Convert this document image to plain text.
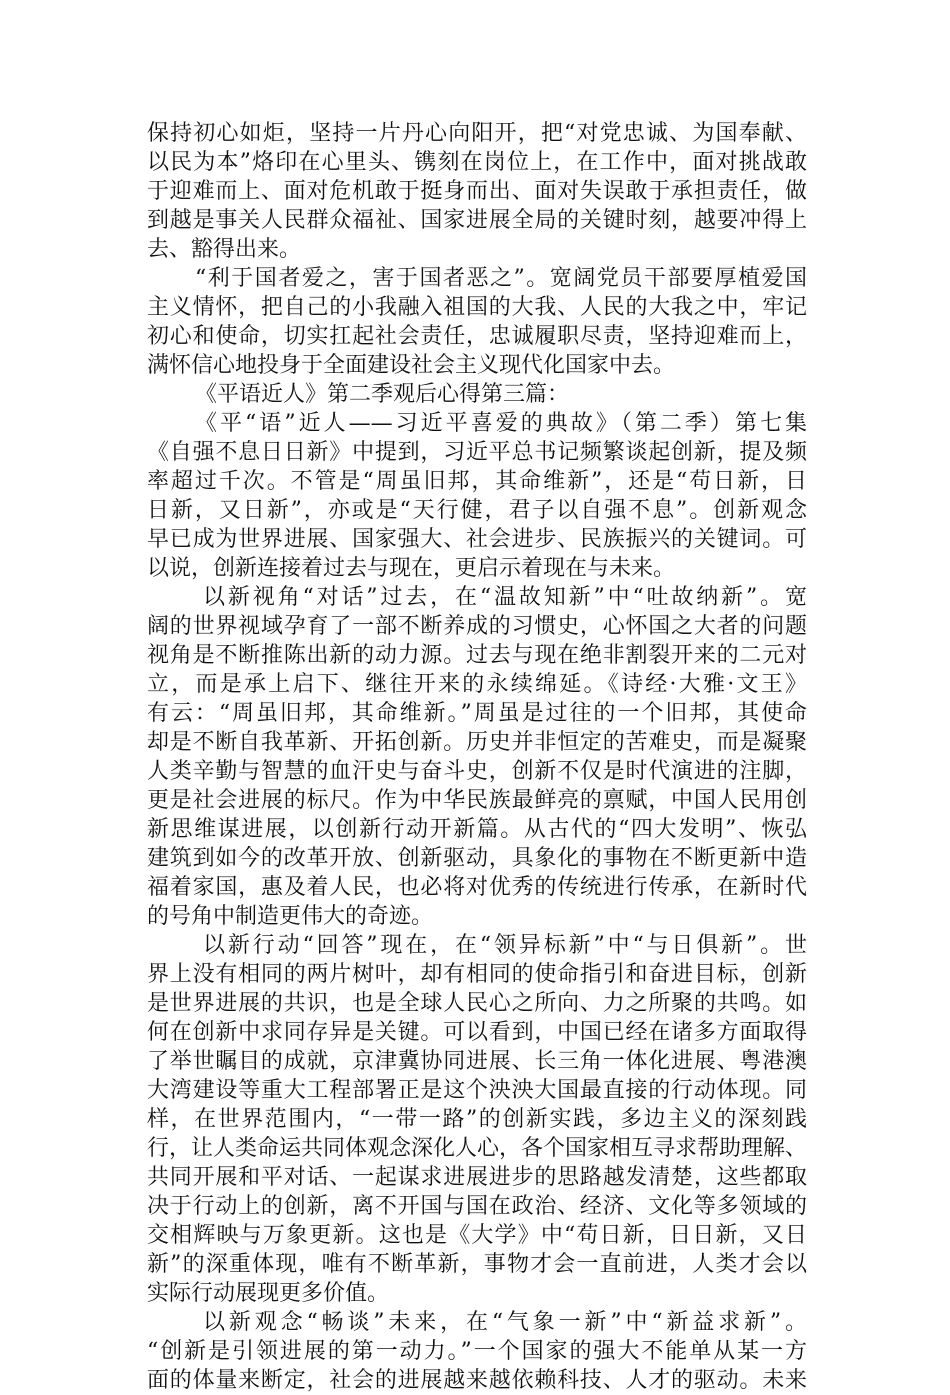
保持初心如炬，坚持一片丹心向阳开，把“对党忠诚、为国奉献、
以民为本”烙印在心里头、镌刻在岗位上，在工作中，面对挑战敢
于迎难而上、面对危机敢于挺身而出、面对失误敢于承担责任，做
到越是事关人民群众福祉、国家进展全局的关键时刻，越要冲得上
去、豁得出来。
“利于国者爱之，害于国者恶之”。宽阔党员干部要厚植爱国
主义情怀，把自己的小我融入祖国的大我、人民的大我之中，牢记
初心和使命，切实扛起社会责任，忠诚履职尽责，坚持迎难而上，
满怀信心地投身于全面建设社会主义现代化国家中去。
《平语近人》第二季观后心得第三篇：
《平“语”近人——习近平喜爱的典故》（第二季）第七集
《自强不息日日新》中提到，习近平总书记频繁谈起创新，提及频
率超过千次。不管是“周虽旧邦，其命维新”，还是“苟日新，日
日新，又日新”，亦或是“天行健，君子以自强不息”。创新观念
早已成为世界进展、国家强大、社会进步、民族振兴的关键词。可
以说，创新连接着过去与现在，更启示着现在与未来。
以新视角“对话”过去，在“温故知新”中“吐故纳新”。宽
阔的世界视域孕育了一部不断养成的习惯史，心怀国之大者的问题
视角是不断推陈出新的动力源。过去与现在绝非割裂开来的二元对
立，而是承上启下、继往开来的永续绵延。《诗经·大雅·文王》
有云：“周虽旧邦，其命维新。”周虽是过往的一个旧邦，其使命
却是不断自我革新、开拓创新。历史并非恒定的苦难史，而是凝聚
人类辛勤与智慧的血汗史与奋斗史，创新不仅是时代演进的注脚，
更是社会进展的标尺。作为中华民族最鲜亮的禀赋，中国人民用创
新思维谋进展，以创新行动开新篇。从古代的“四大发明”、恢弘
建筑到如今的改革开放、创新驱动，具象化的事物在不断更新中造
福着家国，惠及着人民，也必将对优秀的传统进行传承，在新时代
的号角中制造更伟大的奇迹。
以新行动“回答”现在，在“领异标新”中“与日俱新”。世
界上没有相同的两片树叶，却有相同的使命指引和奋进目标，创新
是世界进展的共识，也是全球人民心之所向、力之所聚的共鸣。如
何在创新中求同存异是关键。可以看到，中国已经在诸多方面取得
了举世瞩目的成就，京津冀协同进展、长三角一体化进展、粤港澳
大湾建设等重大工程部署正是这个泱泱大国最直接的行动体现。同
样，在世界范围内，“一带一路”的创新实践，多边主义的深刻践
行，让人类命运共同体观念深化人心，各个国家相互寻求帮助理解、
共同开展和平对话、一起谋求进展进步的思路越发清楚，这些都取
决于行动上的创新，离不开国与国在政治、经济、文化等多领域的
交相辉映与万象更新。这也是《大学》中“苟日新，日日新，又日
新”的深重体现，唯有不断革新，事物才会一直前进，人类才会以
实际行动展现更多价值。
以新观念“畅谈”未来，在“气象一新”中“新益求新”。
“创新是引领进展的第一动力。”一个国家的强大不能单从某一方
面的体量来断定，社会的进展越来越依赖科技、人才的驱动。未来
